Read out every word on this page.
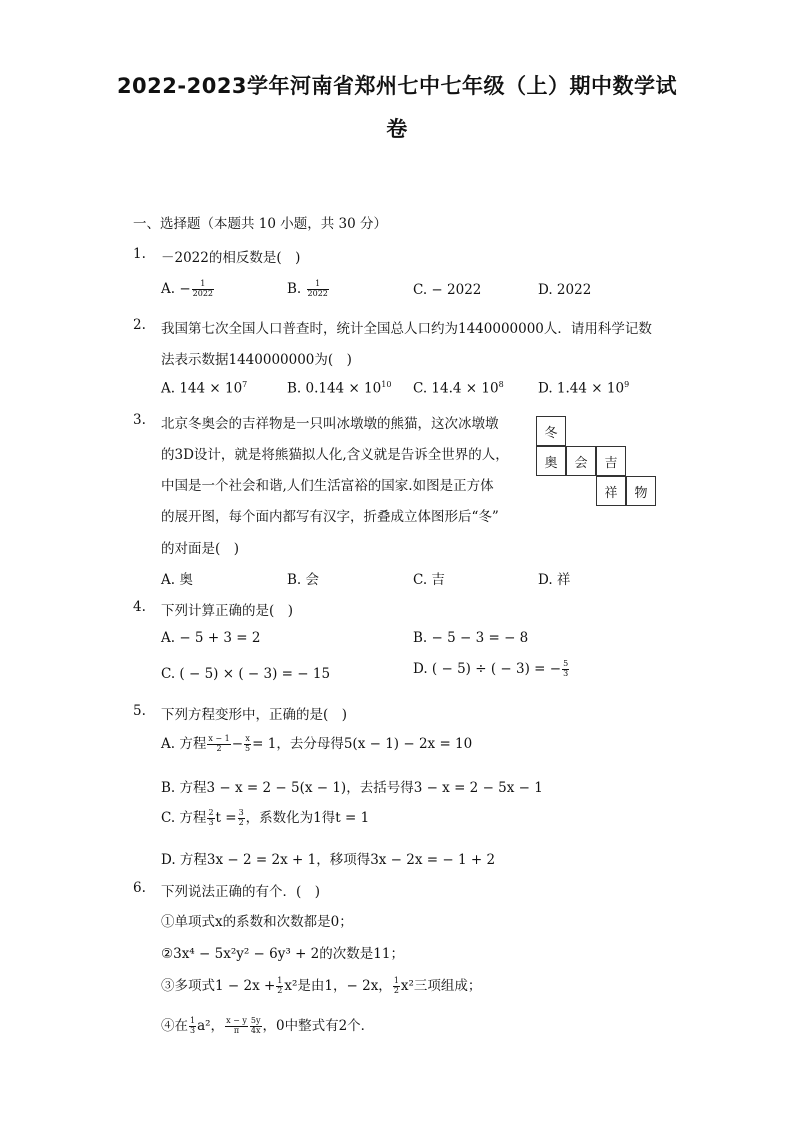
2022-2023学年河南省郑州七中七年级（上）期中数学试
卷
一、选择题（本题共 10 小题，共 30 分）
1. －2022的相反数是(　)
A. − $\frac{1}{2022}$	B. $\frac{1}{2022}$	C. − 2022	D. 2022
2. 我国第七次全国人口普查时，统计全国总人口约为1440000000人．请用科学记数
法表示数据1440000000为(　)
A. $144 \times 10^7$	B. $0.144 \times 10^{10}$ C. $14.4 \times 10^8$	D. $1.44 \times 10^9$
3. 北京冬奥会的吉祥物是一只叫冰墩墩的熊猫，这次冰墩墩
的3D设计，就是将熊猫拟人化,含义就是告诉全世界的人，
中国是一个社会和谐,人们生活富裕的国家.如图是正方体
的展开图，每个面内都写有汉字，折叠成立体图形后“冬”
的对面是(　)
冬
奥	会	吉
祥	物
A. 奥	B. 会	C. 吉	D. 祥
4. 下列计算正确的是(　)
A. − 5 + 3 = 2	B. − 5 − 3 = − 8
C. ( − 5) × ( − 3) = − 15	D. ( − 5) ÷ ( − 3) = − $\frac{5}{3}$
5. 下列方程变形中，正确的是(　)
A. 方程 $\frac{x - 1}{2} - \frac{x}{5} = 1$，去分母得5(x − 1) − 2x = 10
B. 方程3 − x = 2 − 5(x − 1)，去括号得3 − x = 2 − 5x − 1
C. 方程 $\frac{2}{3}$ $t = \frac{3}{2}$ ，系数化为1得t = 1
D. 方程3x − 2 = 2x + 1，移项得3x − 2x = − 1 + 2
6. 下列说法正确的有个．(　)
①单项式x的系数和次数都是0；
②3x⁴ − 5x²y² − 6y³ + 2的次数是11；
③多项式$1 - 2x + \frac{1}{2} x^2$是由1，− 2x， $\frac{1}{2} x^2$三项组成；
④在 $\frac{1}{3} a^2$， $\frac{x - y}{\pi} \frac{5y}{4x}$ ，0中整式有2个．
